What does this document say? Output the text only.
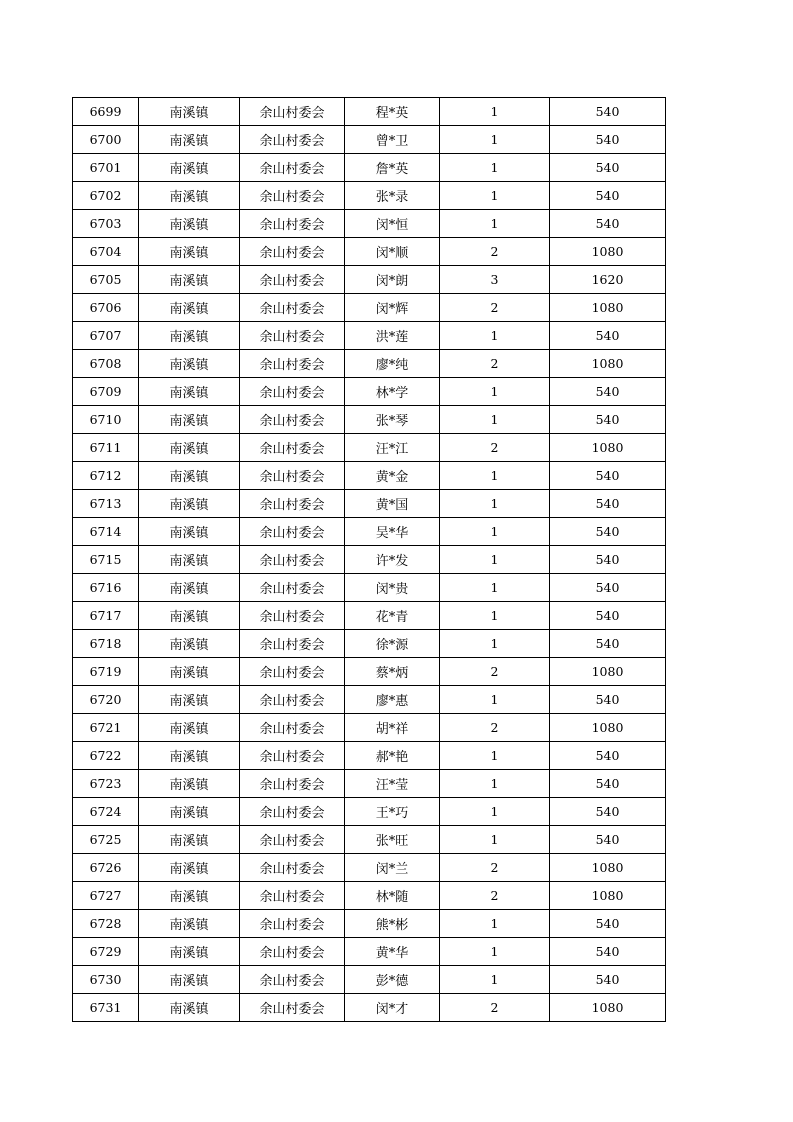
6699	南溪镇	余山村委会	程*英	1	540
6700	南溪镇	余山村委会	曾*卫	1	540
6701	南溪镇	余山村委会	詹*英	1	540
6702	南溪镇	余山村委会	张*录	1	540
6703	南溪镇	余山村委会	闵*恒	1	540
6704	南溪镇	余山村委会	闵*顺	2	1080
6705	南溪镇	余山村委会	闵*朗	3	1620
6706	南溪镇	余山村委会	闵*辉	2	1080
6707	南溪镇	余山村委会	洪*莲	1	540
6708	南溪镇	余山村委会	廖*纯	2	1080
6709	南溪镇	余山村委会	林*学	1	540
6710	南溪镇	余山村委会	张*琴	1	540
6711	南溪镇	余山村委会	汪*江	2	1080
6712	南溪镇	余山村委会	黄*金	1	540
6713	南溪镇	余山村委会	黄*国	1	540
6714	南溪镇	余山村委会	吴*华	1	540
6715	南溪镇	余山村委会	许*发	1	540
6716	南溪镇	余山村委会	闵*贵	1	540
6717	南溪镇	余山村委会	花*青	1	540
6718	南溪镇	余山村委会	徐*源	1	540
6719	南溪镇	余山村委会	蔡*炳	2	1080
6720	南溪镇	余山村委会	廖*惠	1	540
6721	南溪镇	余山村委会	胡*祥	2	1080
6722	南溪镇	余山村委会	郝*艳	1	540
6723	南溪镇	余山村委会	汪*莹	1	540
6724	南溪镇	余山村委会	王*巧	1	540
6725	南溪镇	余山村委会	张*旺	1	540
6726	南溪镇	余山村委会	闵*兰	2	1080
6727	南溪镇	余山村委会	林*随	2	1080
6728	南溪镇	余山村委会	熊*彬	1	540
6729	南溪镇	余山村委会	黄*华	1	540
6730	南溪镇	余山村委会	彭*德	1	540
6731	南溪镇	余山村委会	闵*才	2	1080
